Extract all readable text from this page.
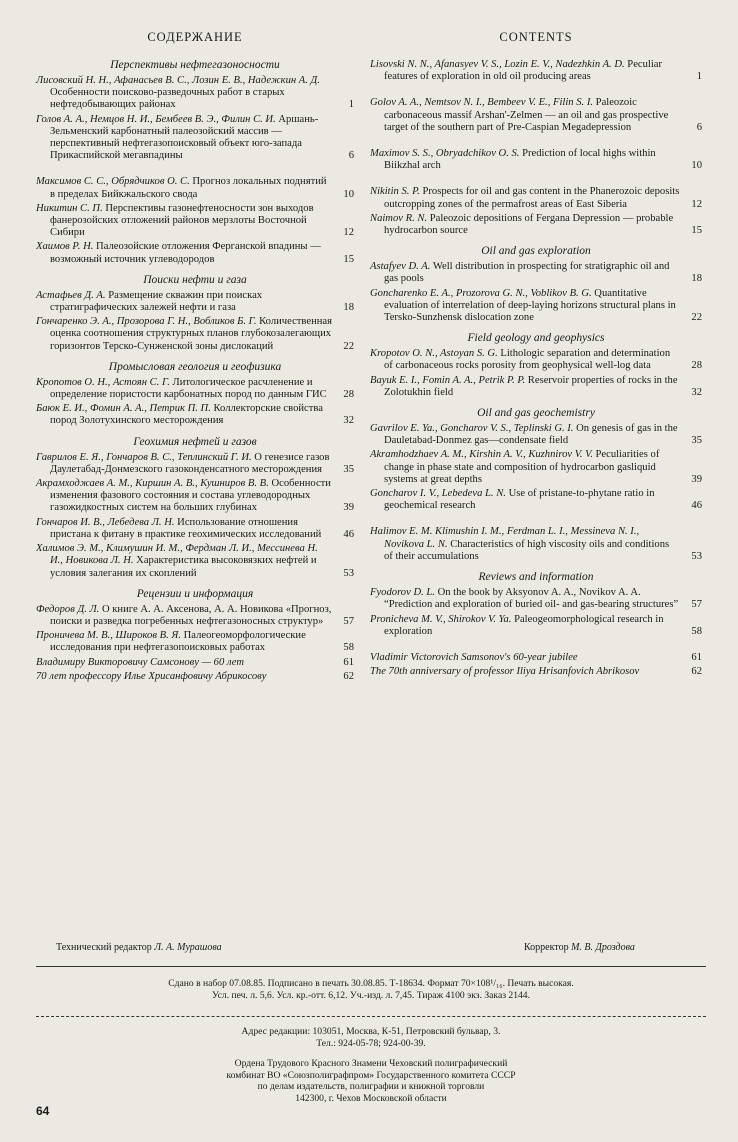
СОДЕРЖАНИЕ
Перспективы нефтегазоносности
Лисовский Н. Н., Афанасьев В. С., Лозин Е. В., Надежкин А. Д. Особенности поисково-разведочных работ в старых нефтедобывающих районах	1
Голов А. А., Немцов Н. И., Бембеев В. Э., Филин С. И. Аршань-Зельменский карбонатный палеозойский массив — перспективный нефтегазопоисковый объект юго-запада Прикаспийской мегавпадины	6
Максимов С. С., Обрядчиков О. С. Прогноз локальных поднятий в пределах Бийкжальского свода	10
Никитин С. П. Перспективы газонефтеносности зон выходов фанерозойских отложений районов мерзлоты Восточной Сибири	12
Хаимов Р. Н. Палеозойские отложения Ферганской впадины — возможный источник углеводородов	15
Поиски нефти и газа
Астафьев Д. А. Размещение скважин при поисках стратиграфических залежей нефти и газа	18
Гончаренко Э. А., Прозорова Г. Н., Вобликов Б. Г. Количественная оценка соотношения структурных планов глубокозалегающих горизонтов Терско-Сунженской зоны дислокаций	22
Промысловая геология и геофизика
Кропотов О. Н., Астоян С. Г. Литологическое расчленение и определение пористости карбонатных пород по данным ГИС	28
Баюк Е. И., Фомин А. А., Петрик П. П. Коллекторские свойства пород Золотухинского месторождения	32
Геохимия нефтей и газов
Гаврилов Е. Я., Гончаров В. С., Теплинский Г. И. О генезисе газов Даулетабад-Донмезского газоконденсатного месторождения	35
Акрамходжаев А. М., Киршин А. В., Кушниров В. В. Особенности изменения фазового состояния и состава углеводородных газожидкостных систем на больших глубинах	39
Гончаров И. В., Лебедева Л. Н. Использование отношения пристана к фитану в практике геохимических исследований	46
Халимов Э. М., Климушин И. М., Фердман Л. И., Мессинева Н. И., Новикова Л. Н. Характеристика высоковязких нефтей и условия залегания их скоплений	53
Рецензии и информация
Федоров Д. Л. О книге А. А. Аксенова, А. А. Новикова «Прогноз, поиски и разведка погребенных нефтегазоносных структур»	57
Проничева М. В., Широков В. Я. Палеогеоморфологические исследования при нефтегазопоисковых работах	58
Владимиру Викторовичу Самсонову — 60 лет	61
70 лет профессору Илье Хрисанфовичу Абрикосову	62
CONTENTS
Lisovski N. N., Afanasyev V. S., Lozin E. V., Nadezhkin A. D. Peculiar features of exploration in old oil producing areas	1
Golov A. A., Nemtsov N. I., Bembeev V. E., Filin S. I. Paleozoic carbonaceous massif Arshan'-Zelmen — an oil and gas prospective target of the southern part of Pre-Caspian Megadepression	6
Maximov S. S., Obryadchikov O. S. Prediction of local highs within Biikzhal arch	10
Nikitin S. P. Prospects for oil and gas content in the Phanerozoic deposits outcropping zones of the permafrost areas of East Siberia	12
Naimov R. N. Paleozoic depositions of Fergana Depression — probable hydrocarbon source	15
Oil and gas exploration
Astafyev D. A. Well distribution in prospecting for stratigraphic oil and gas pools	18
Goncharenko E. A., Prozorova G. N., Voblikov B. G. Quantitative evaluation of interrelation of deep-laying horizons structural plans in Tersko-Sunzhensk dislocation zone	22
Field geology and geophysics
Kropotov O. N., Astoyan S. G. Lithologic separation and determination of carbonaceous rocks porosity from geophysical well-log data	28
Bayuk E. I., Fomin A. A., Petrik P. P. Reservoir properties of rocks in the Zolotukhin field	32
Oil and gas geochemistry
Gavrilov E. Ya., Goncharov V. S., Teplinski G. I. On genesis of gas in the Dauletabad-Donmez gas—condensate field	35
Akramhodzhaev A. M., Kirshin A. V., Kuzhnirov V. V. Peculiarities of change in phase state and composition of hydrocarbon gasliquid systems at great depths	39
Goncharov I. V., Lebedeva L. N. Use of pristane-to-phytane ratio in geochemical research	46
Halimov E. M. Klimushin I. M., Ferdman L. I., Messineva N. I., Novikova L. N. Characteristics of high viscosity oils and conditions of their accumulations	53
Reviews and information
Fyodorov D. L. On the book by Aksyonov A. A., Novikov A. A. “Prediction and exploration of buried oil- and gas-bearing structures”	57
Pronicheva M. V., Shirokov V. Ya. Paleogeomorphological research in exploration	58
Vladimir Victorovich Samsonov's 60-year jubilee	61
The 70th anniversary of professor Iliya Hrisanfovich Abrikosov	62
Технический редактор Л. А. Мурашова	Корректор М. В. Дроздова
Сдано в набор 07.08.85. Подписано в печать 30.08.85. Т-18634. Формат 70×108¹/₁₆. Печать высокая.
Усл. печ. л. 5,6. Усл. кр.-отт. 6,12. Уч.-изд. л. 7,45. Тираж 4100 экз. Заказ 2144.
Адрес редакции: 103051, Москва, К-51, Петровский бульвар, 3.
Тел.: 924-05-78; 924-00-39.
Ордена Трудового Красного Знамени Чеховский полиграфический
комбинат ВО «Союзполиграфпром» Государственного комитета СССР
по делам издательств, полиграфии и книжной торговли
142300, г. Чехов Московской области
64
